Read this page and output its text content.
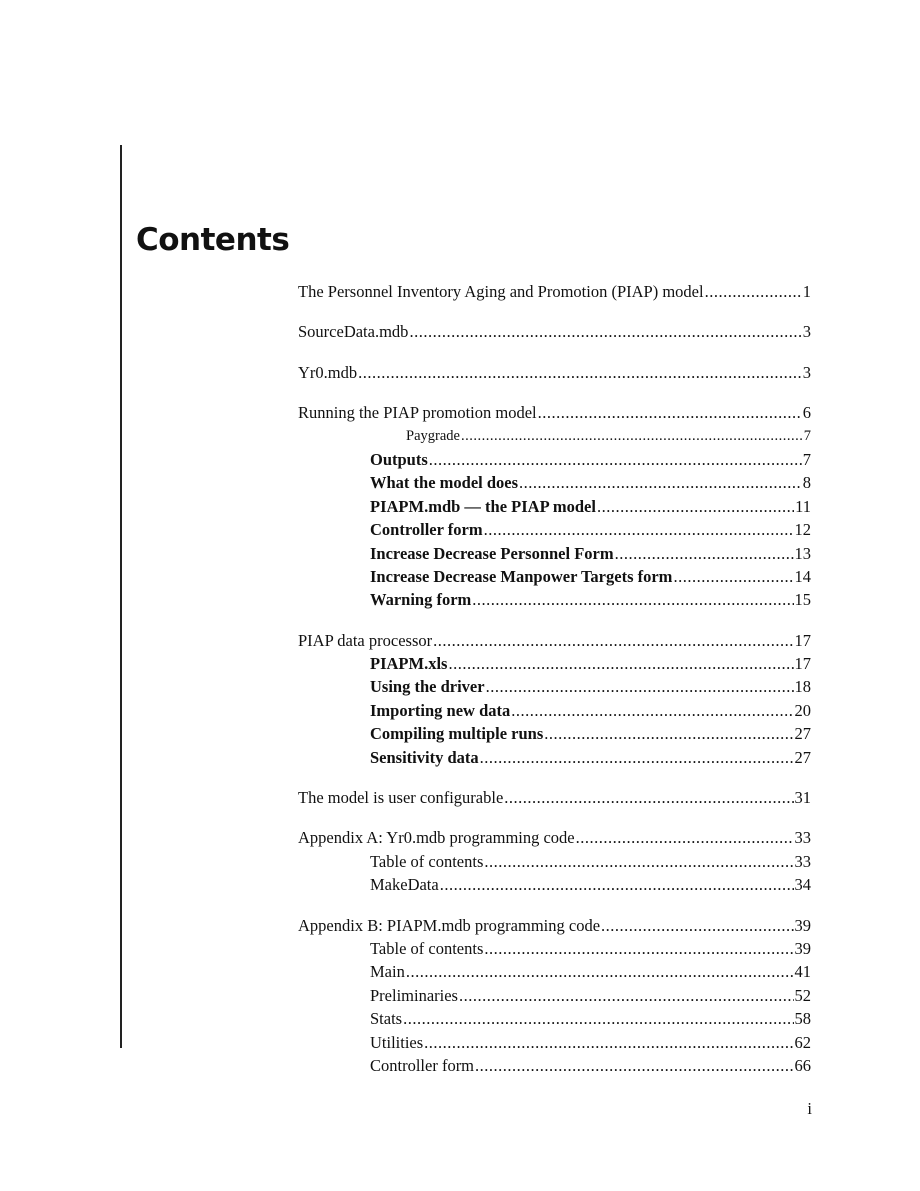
Contents
The Personnel Inventory Aging and Promotion (PIAP) model .....	1
SourceData.mdb .....	3
Yr0.mdb .....	3
Running the PIAP promotion model .....	6
Paygrade .....	7
Outputs .....	7
What the model does .....	8
PIAPM.mdb — the PIAP model .....	11
Controller form .....	12
Increase Decrease Personnel Form .....	13
Increase Decrease Manpower Targets form .....	14
Warning form .....	15
PIAP data processor .....	17
PIAPM.xls .....	17
Using the driver .....	18
Importing new data .....	20
Compiling multiple runs .....	27
Sensitivity data .....	27
The model is user configurable .....	31
Appendix A: Yr0.mdb programming code .....	33
Table of contents .....	33
MakeData .....	34
Appendix B: PIAPM.mdb programming code .....	39
Table of contents .....	39
Main .....	41
Preliminaries .....	52
Stats .....	58
Utilities .....	62
Controller form .....	66
i
